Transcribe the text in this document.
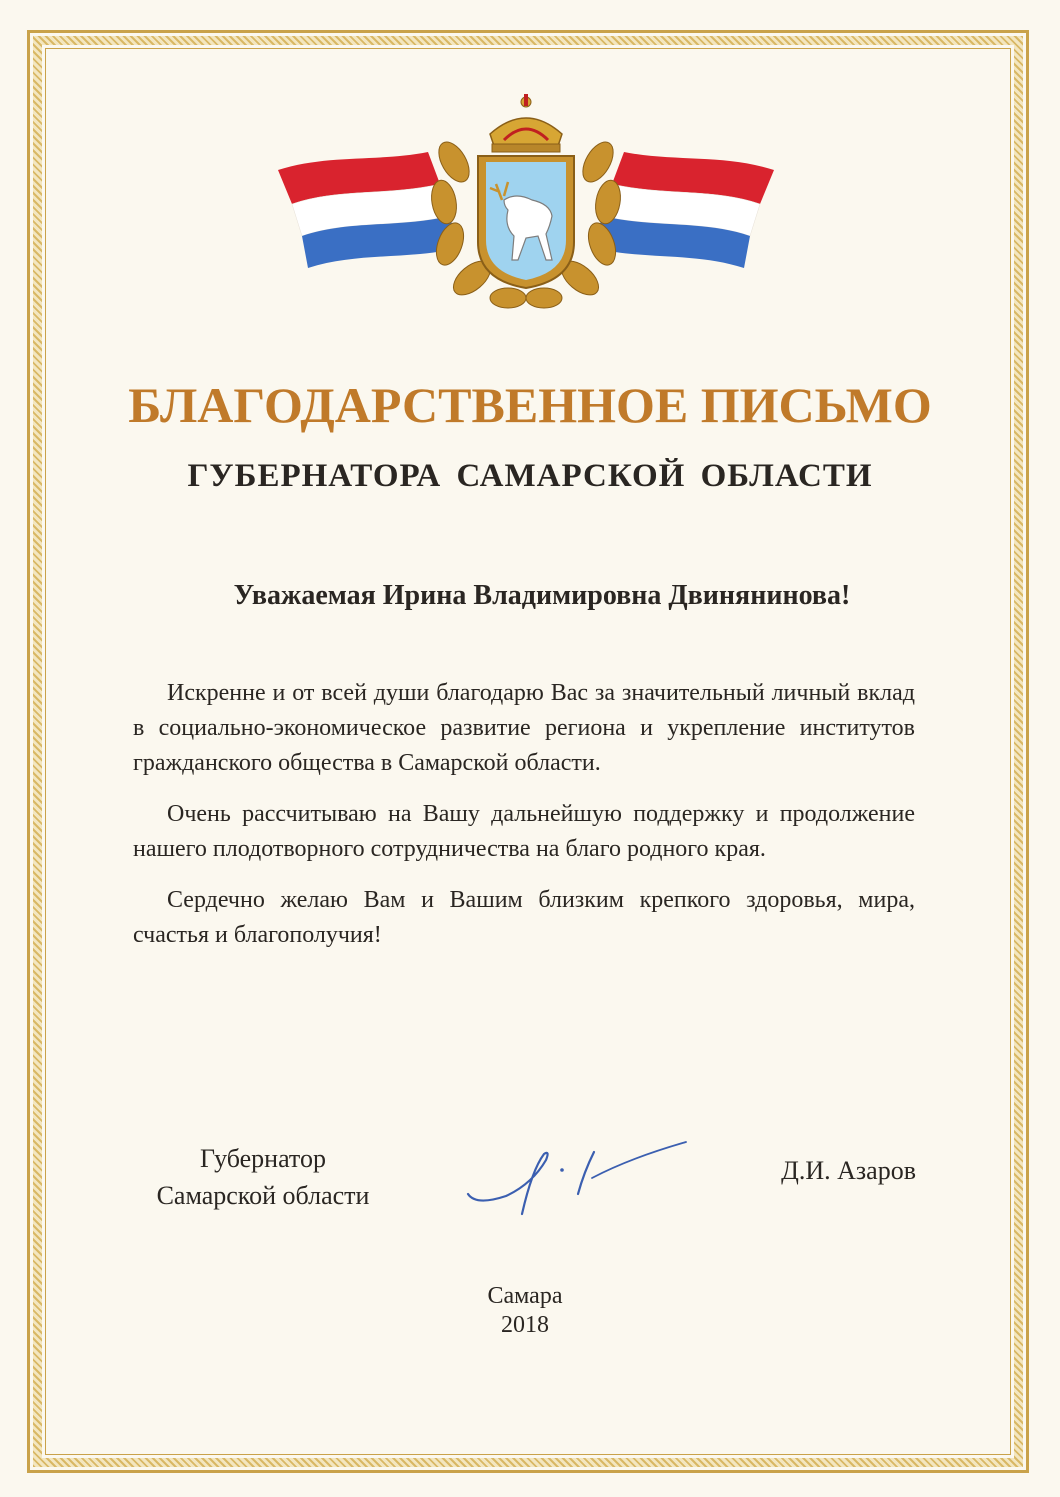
БЛАГОДАРСТВЕННОЕ ПИСЬМО
ГУБЕРНАТОРА САМАРСКОЙ ОБЛАСТИ
Уважаемая Ирина Владимировна Двинянинова!

Искренне и от всей души благодарю Вас за значительный личный вклад в социально-экономическое развитие региона и укрепление институтов гражданского общества в Самарской области.

Очень рассчитываю на Вашу дальнейшую поддержку и продолжение нашего плодотворного сотрудничества на благо родного края.

Сердечно желаю Вам и Вашим близким крепкого здоровья, мира, счастья и благополучия!

Губернатор
Самарской области
Д.И. Азаров
Самара
2018
